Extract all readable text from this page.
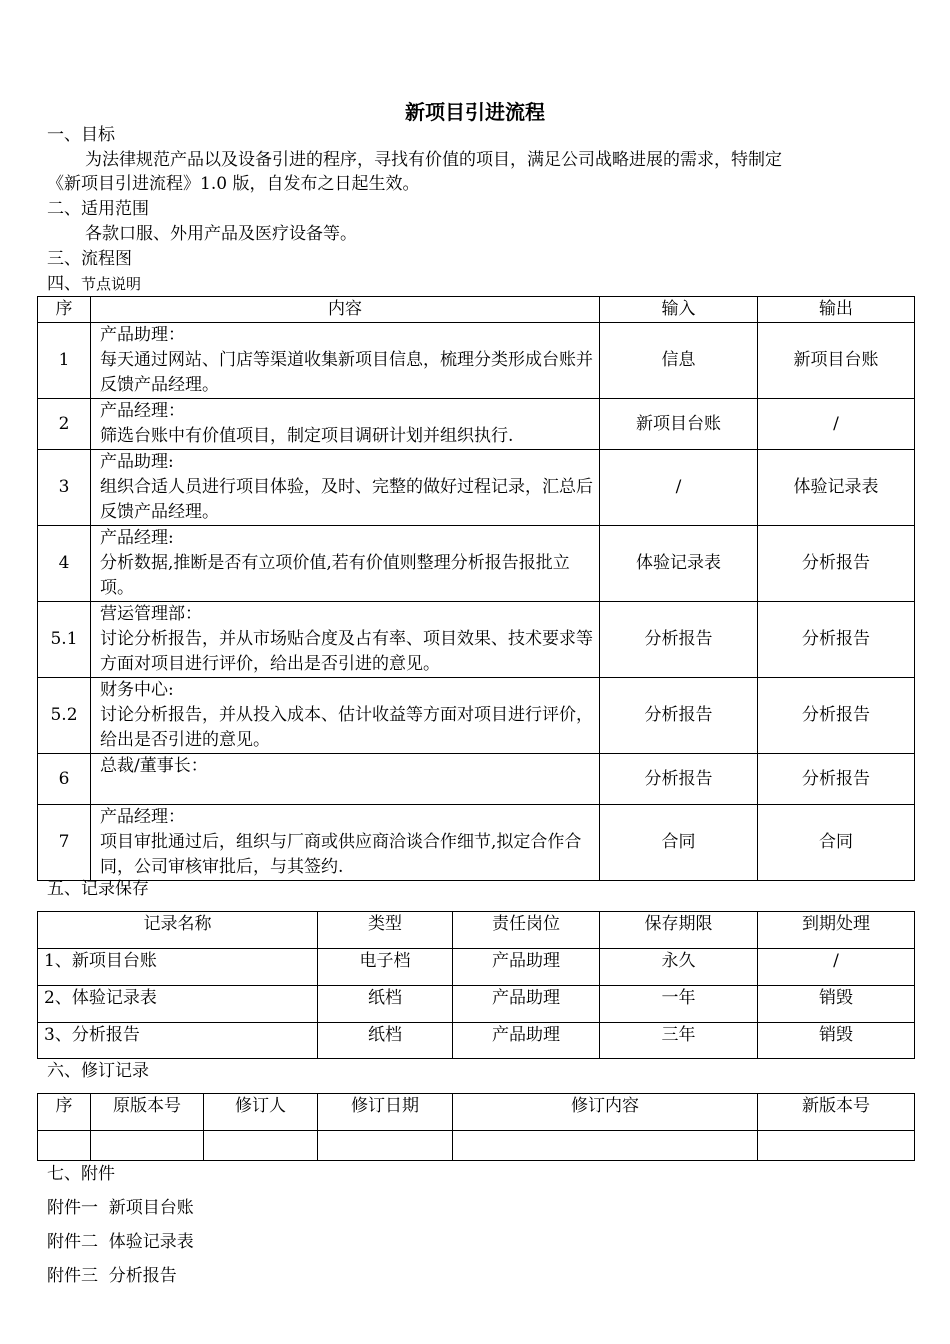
新项目引进流程
一、目标
为法律规范产品以及设备引进的程序，寻找有价值的项目，满足公司战略进展的需求，特制定
《新项目引进流程》1.0 版，自发布之日起生效。
二、适用范围
各款口服、外用产品及医疗设备等。
三、流程图
四、节点说明
序	内容	输入	输出
1	产品助理：
每天通过网站、门店等渠道收集新项目信息，梳理分类形成台账并反馈产品经理。	信息	新项目台账
2	产品经理：
筛选台账中有价值项目，制定项目调研计划并组织执行.	新项目台账	/
3	产品助理:
组织合适人员进行项目体验，及时、完整的做好过程记录，汇总后反馈产品经理。	/	体验记录表
4	产品经理:
分析数据,推断是否有立项价值,若有价值则整理分析报告报批立项。	体验记录表	分析报告
5.1	营运管理部：
讨论分析报告，并从市场贴合度及占有率、项目效果、技术要求等方面对项目进行评价，给出是否引进的意见。	分析报告	分析报告
5.2	财务中心:
讨论分析报告，并从投入成本、估计收益等方面对项目进行评价，给出是否引进的意见。	分析报告	分析报告
6	总裁/董事长：	分析报告	分析报告
7	产品经理：
项目审批通过后，组织与厂商或供应商洽谈合作细节,拟定合作合同，公司审核审批后，与其签约.	合同	合同
五、记录保存
记录名称	类型	责任岗位	保存期限	到期处理
1、新项目台账	电子档	产品助理	永久	/
2、体验记录表	纸档	产品助理	一年	销毁
3、分析报告	纸档	产品助理	三年	销毁
六、修订记录
序	原版本号	修订人	修订日期	修订内容	新版本号

七、附件
附件一  新项目台账
附件二  体验记录表
附件三  分析报告
